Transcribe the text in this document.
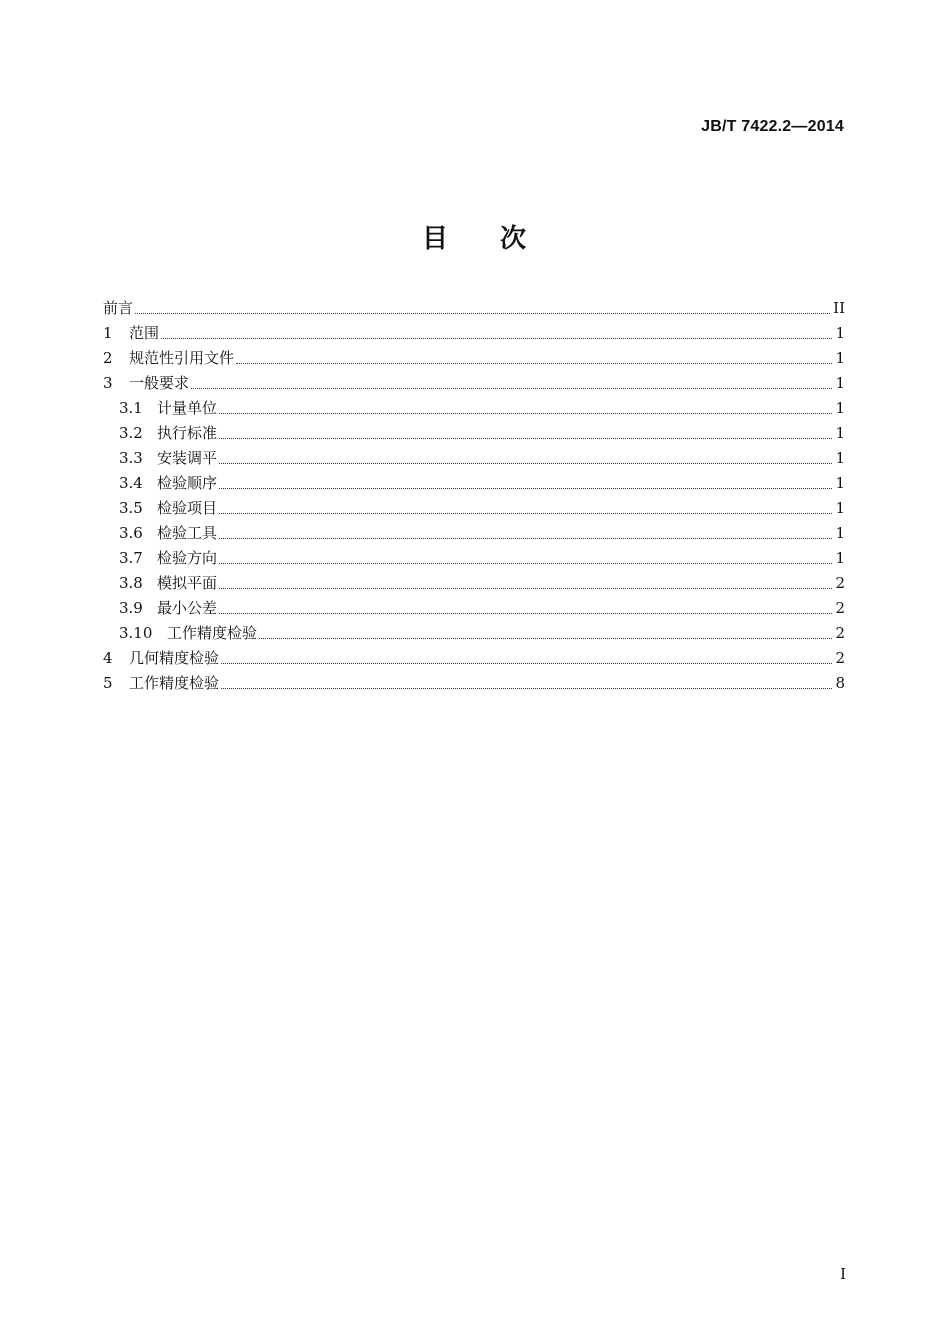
JB/T 7422.2—2014
目 次
前言	II
1	范围	1
2	规范性引用文件	1
3	一般要求	1
3.1 计量单位	1
3.2 执行标准	1
3.3 安装调平	1
3.4 检验顺序	1
3.5 检验项目	1
3.6 检验工具	1
3.7 检验方向	1
3.8 模拟平面	2
3.9 最小公差	2
3.10 工作精度检验	2
4	几何精度检验	2
5	工作精度检验	8
I
